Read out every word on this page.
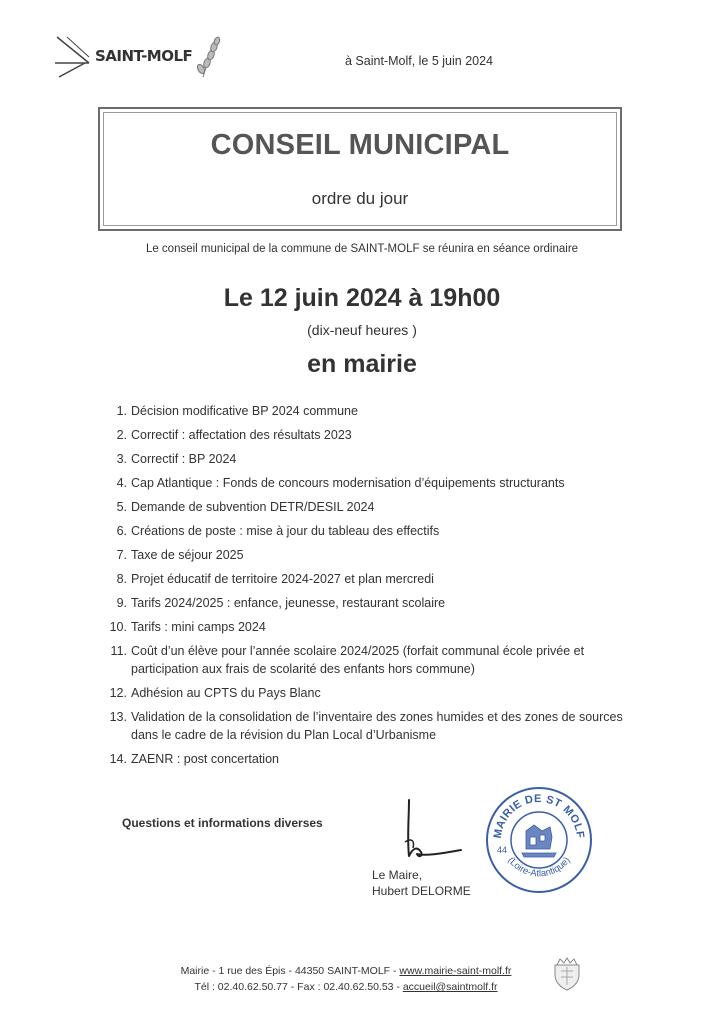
SAINT-MOLF	à Saint-Molf, le 5 juin 2024
CONSEIL MUNICIPAL
ordre du jour
Le conseil municipal de la commune de SAINT-MOLF se réunira en séance ordinaire
Le 12 juin 2024 à 19h00
(dix-neuf heures )
en mairie
1. Décision modificative BP 2024 commune
2. Correctif : affectation des résultats 2023
3. Correctif : BP 2024
4. Cap Atlantique : Fonds de concours modernisation d’équipements structurants
5. Demande de subvention DETR/DESIL 2024
6. Créations de poste : mise à jour du tableau des effectifs
7. Taxe de séjour 2025
8. Projet éducatif de territoire 2024-2027 et plan mercredi
9. Tarifs 2024/2025 : enfance, jeunesse, restaurant scolaire
10. Tarifs : mini camps 2024
11. Coût d’un élève pour l’année scolaire 2024/2025 (forfait communal école privée et participation aux frais de scolarité des enfants hors commune)
12. Adhésion au CPTS du Pays Blanc
13. Validation de la consolidation de l’inventaire des zones humides et des zones de sources dans le cadre de la révision du Plan Local d’Urbanisme
14. ZAENR : post concertation
Questions et informations diverses
Le Maire,
Hubert DELORME
MAIRIE DE ST MOLF
(Loire-Atlantique)
44
Mairie - 1 rue des Épis - 44350 SAINT-MOLF - www.mairie-saint-molf.fr
Tél : 02.40.62.50.77 - Fax : 02.40.62.50.53 - accueil@saintmolf.fr
